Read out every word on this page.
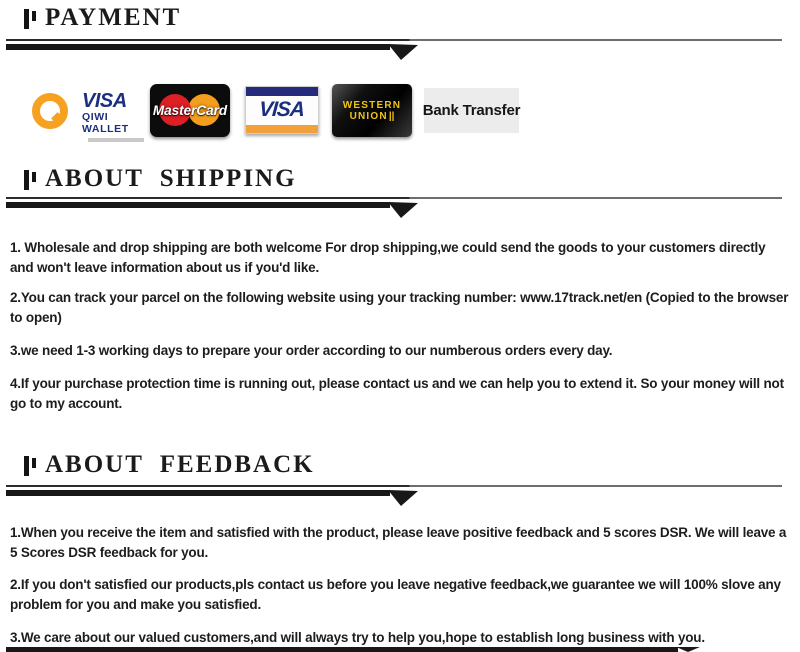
PAYMENT
VISA
QIWI WALLET
MasterCard VISA	WESTERN
UNION|| Bank Transfer
ABOUT SHIPPING
1. Wholesale and drop shipping are both welcome For drop shipping,we could send the goods to your customers directly and won't leave information about us if you'd like.
2.You can track your parcel on the following website using your tracking number: www.17track.net/en (Copied to the browser to open)
3.we need 1-3 working days to prepare your order according to our numberous orders every day.
4.If your purchase protection time is running out, please contact us and we can help you to extend it. So your money will not go to my account.
ABOUT FEEDBACK
1.When you receive the item and satisfied with the product, please leave positive feedback and 5 scores DSR. We will leave a 5 Scores DSR feedback for you.
2.If you don't satisfied our products,pls contact us before you leave negative feedback,we guarantee we will 100% slove any problem for you and make you satisfied.
3.We care about our valued customers,and will always try to help you,hope to establish long business with you.
